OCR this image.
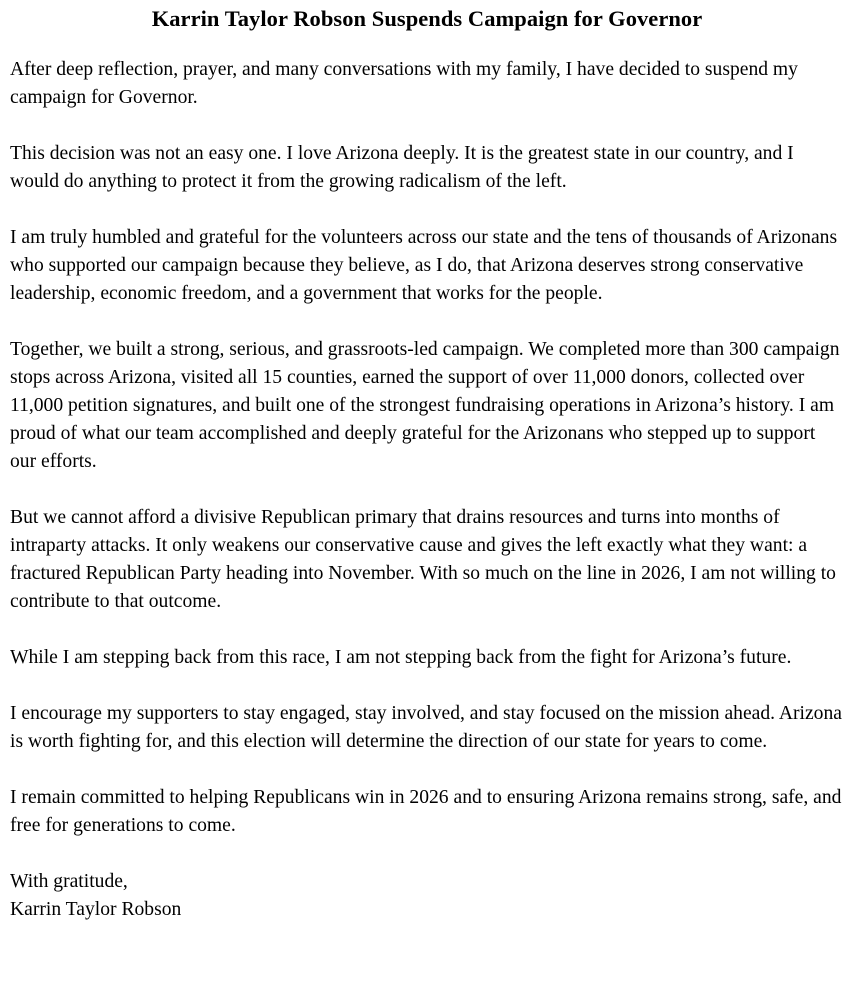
Karrin Taylor Robson Suspends Campaign for Governor

After deep reflection, prayer, and many conversations with my family, I have decided to suspend my campaign for Governor.

This decision was not an easy one. I love Arizona deeply. It is the greatest state in our country, and I would do anything to protect it from the growing radicalism of the left.

I am truly humbled and grateful for the volunteers across our state and the tens of thousands of Arizonans who supported our campaign because they believe, as I do, that Arizona deserves strong conservative leadership, economic freedom, and a government that works for the people.

Together, we built a strong, serious, and grassroots-led campaign. We completed more than 300 campaign stops across Arizona, visited all 15 counties, earned the support of over 11,000 donors, collected over 11,000 petition signatures, and built one of the strongest fundraising operations in Arizona’s history. I am proud of what our team accomplished and deeply grateful for the Arizonans who stepped up to support our efforts.

But we cannot afford a divisive Republican primary that drains resources and turns into months of intraparty attacks. It only weakens our conservative cause and gives the left exactly what they want: a fractured Republican Party heading into November. With so much on the line in 2026, I am not willing to contribute to that outcome.

While I am stepping back from this race, I am not stepping back from the fight for Arizona’s future.

I encourage my supporters to stay engaged, stay involved, and stay focused on the mission ahead. Arizona is worth fighting for, and this election will determine the direction of our state for years to come.

I remain committed to helping Republicans win in 2026 and to ensuring Arizona remains strong, safe, and free for generations to come.

With gratitude,
Karrin Taylor Robson
